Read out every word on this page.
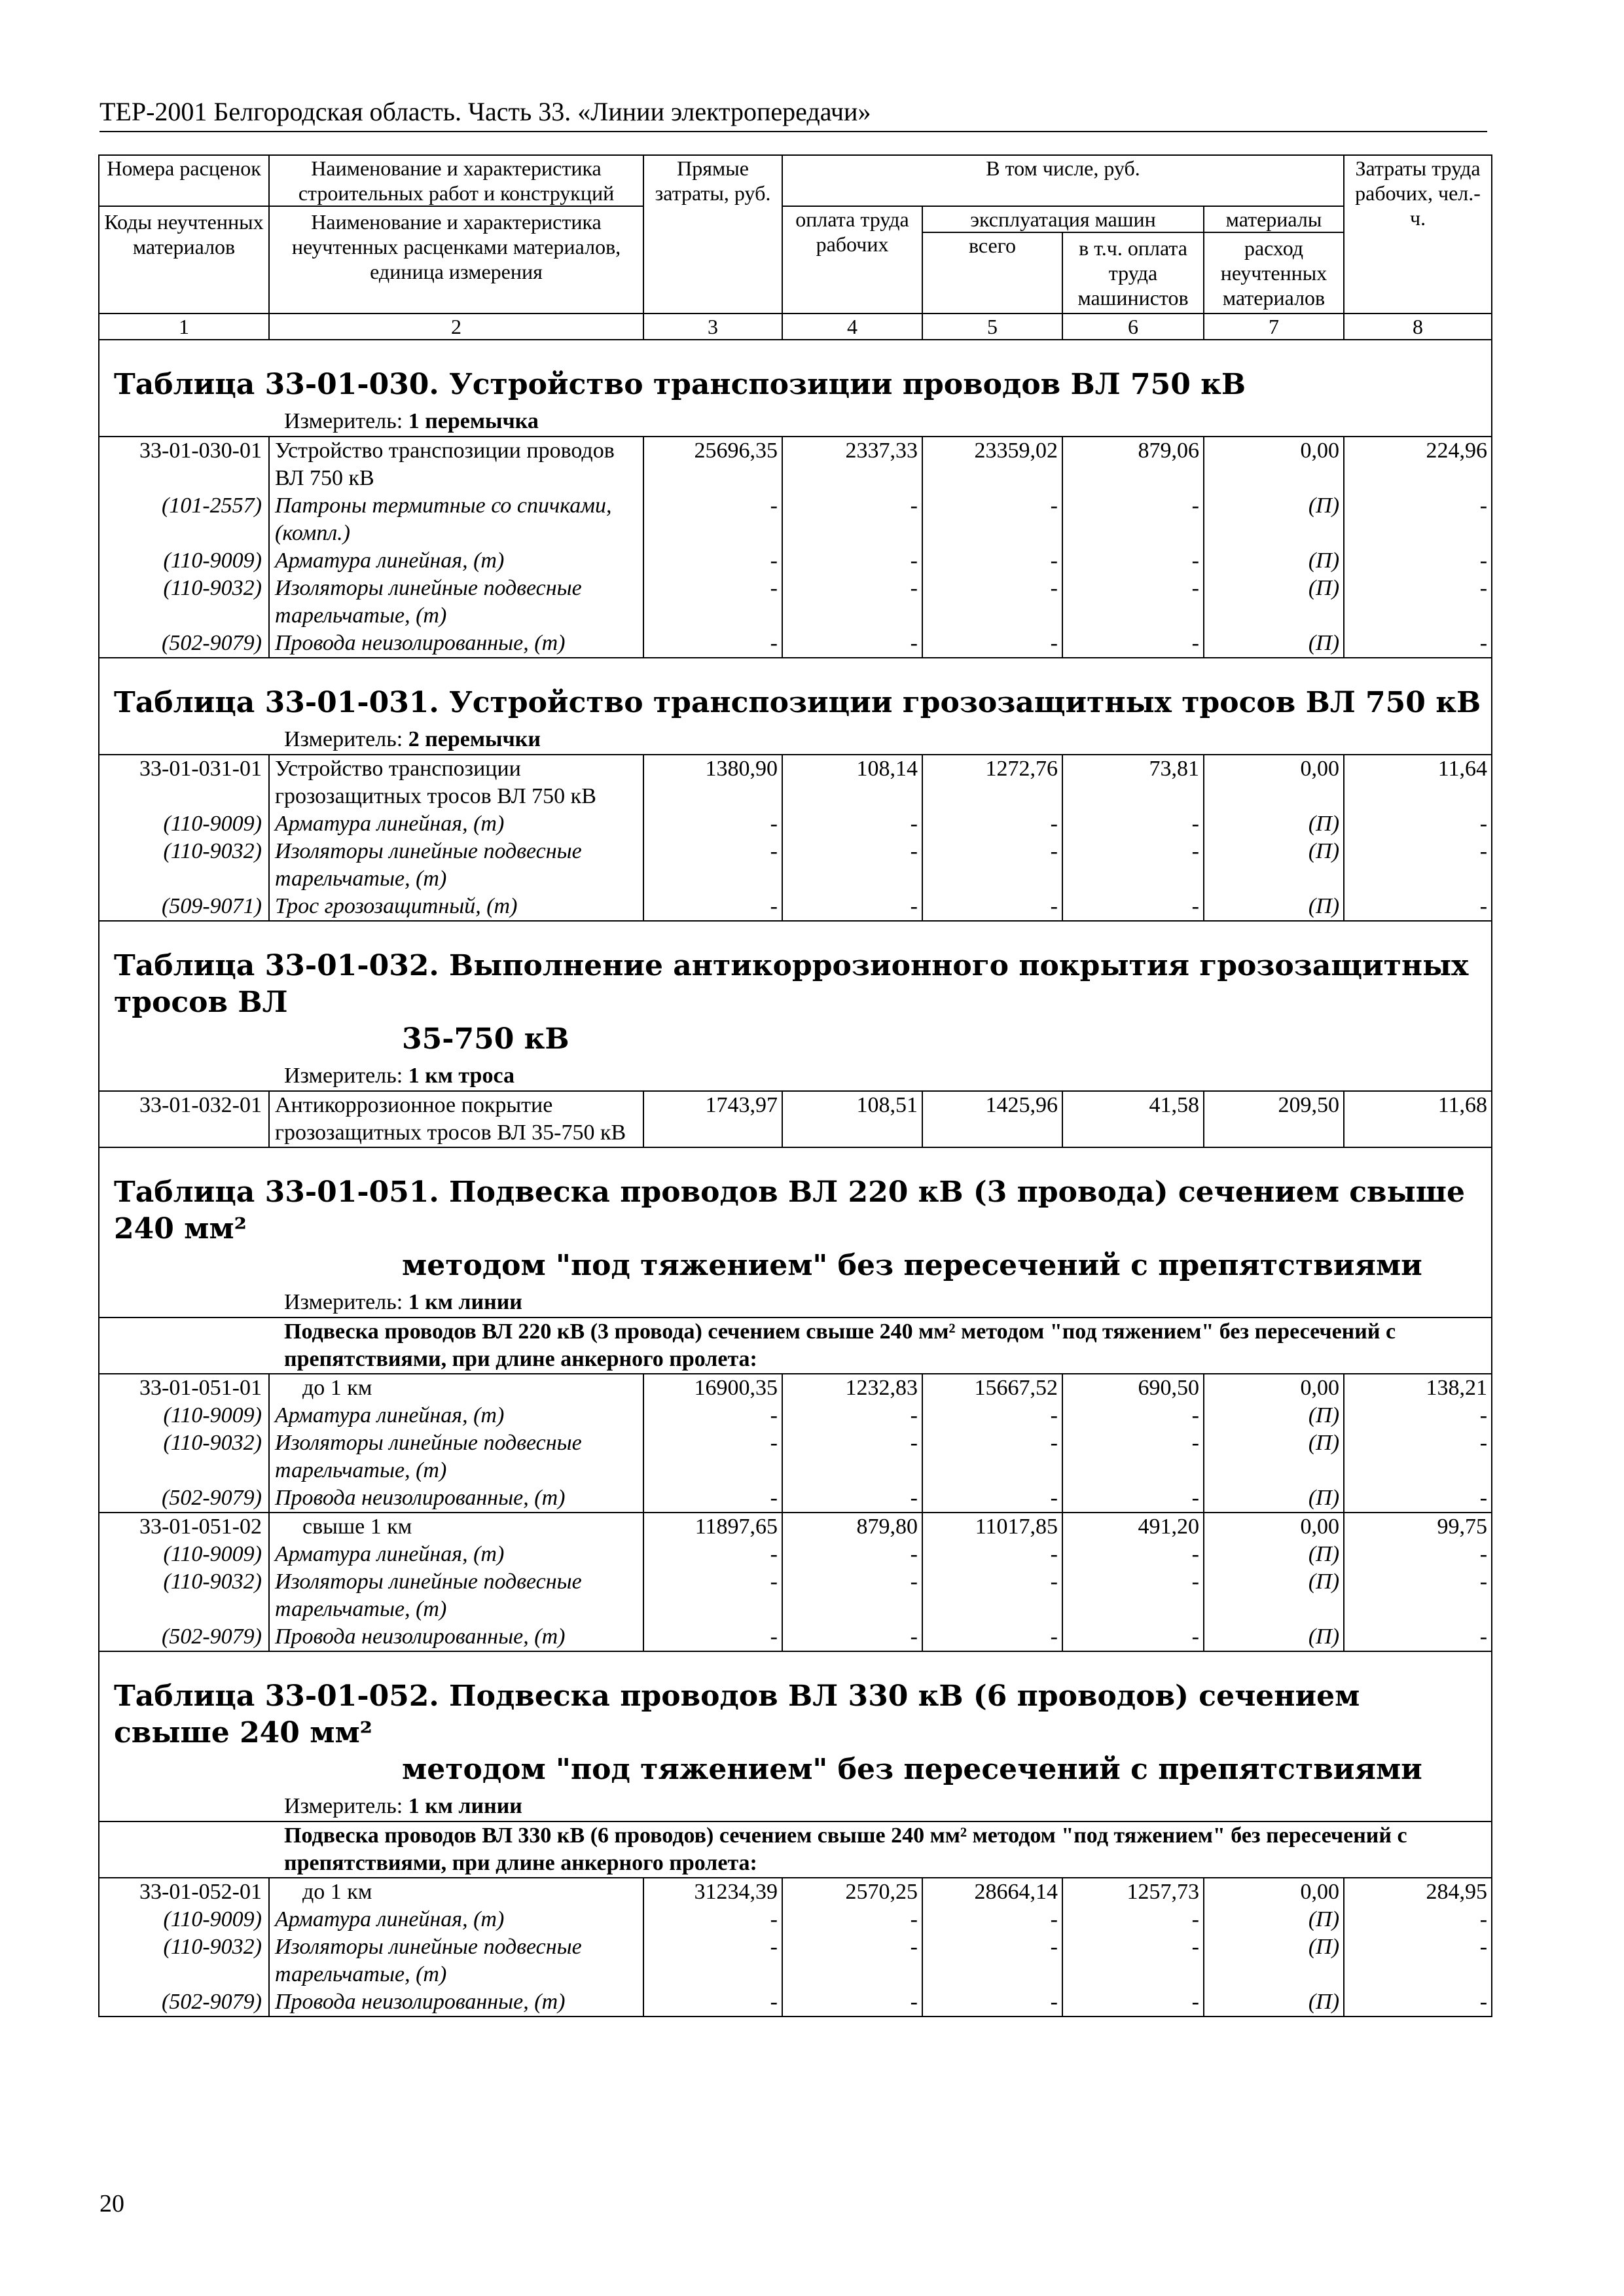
ТЕР-2001 Белгородская область. Часть 33. «Линии электропередачи»
Номера расценок	Наименование и характеристика строительных работ и конструкций	Прямые затраты, руб.	В том числе, руб.				Затраты труда рабочих, чел.-ч.
Коды неучтенных материалов	Наименование и характеристика неучтенных расценками материалов, единица измерения		оплата труда рабочих	эксплуатация машин		материалы	
				всего	в т.ч. оплата труда машинистов	расход неучтенных материалов	
1	2	3	4	5	6	7	8
Таблица 33-01-030. Устройство транспозиции проводов ВЛ 750 кВ							
Измеритель: 1 перемычка							
33-01-030-01	Устройство транспозиции проводов ВЛ 750 кВ	25696,35	2337,33	23359,02	879,06	0,00	224,96
(101-2557)	Патроны термитные со спичками, (компл.)	-	-	-	-	(П)	-
(110-9009)	Арматура линейная, (т)	-	-	-	-	(П)	-
(110-9032)	Изоляторы линейные подвесные тарельчатые, (т)	-	-	-	-	(П)	-
(502-9079)	Провода неизолированные, (т)	-	-	-	-	(П)	-
Таблица 33-01-031. Устройство транспозиции грозозащитных тросов ВЛ 750 кВ							
Измеритель: 2 перемычки							
33-01-031-01	Устройство транспозиции грозозащитных тросов ВЛ 750 кВ	1380,90	108,14	1272,76	73,81	0,00	11,64
(110-9009)	Арматура линейная, (т)	-	-	-	-	(П)	-
(110-9032)	Изоляторы линейные подвесные тарельчатые, (т)	-	-	-	-	(П)	-
(509-9071)	Трос грозозащитный, (т)	-	-	-	-	(П)	-
Таблица 33-01-032. Выполнение антикоррозионного покрытия грозозащитных тросов ВЛ
35-750 кВ							

Измеритель: 1 км троса							
33-01-032-01	Антикоррозионное покрытие грозозащитных тросов ВЛ 35-750 кВ	1743,97	108,51	1425,96	41,58	209,50	11,68
Таблица 33-01-051. Подвеска проводов ВЛ 220 кВ (3 провода) сечением свыше 240 мм²
методом "под тяжением" без пересечений с препятствиями							

Измеритель: 1 км линии							
Подвеска проводов ВЛ 220 кВ (3 провода) сечением свыше 240 мм² методом "под тяжением" без пересечений с препятствиями, при длине анкерного пролета:							
33-01-051-01	до 1 км	16900,35	1232,83	15667,52	690,50	0,00	138,21
(110-9009)	Арматура линейная, (т)	-	-	-	-	(П)	-
(110-9032)	Изоляторы линейные подвесные тарельчатые, (т)	-	-	-	-	(П)	-
(502-9079)	Провода неизолированные, (т)	-	-	-	-	(П)	-
33-01-051-02	свыше 1 км	11897,65	879,80	11017,85	491,20	0,00	99,75
(110-9009)	Арматура линейная, (т)	-	-	-	-	(П)	-
(110-9032)	Изоляторы линейные подвесные тарельчатые, (т)	-	-	-	-	(П)	-
(502-9079)	Провода неизолированные, (т)	-	-	-	-	(П)	-
Таблица 33-01-052. Подвеска проводов ВЛ 330 кВ (6 проводов) сечением свыше 240 мм²
методом "под тяжением" без пересечений с препятствиями							

Измеритель: 1 км линии							
Подвеска проводов ВЛ 330 кВ (6 проводов) сечением свыше 240 мм² методом "под тяжением" без пересечений с препятствиями, при длине анкерного пролета:							
33-01-052-01	до 1 км	31234,39	2570,25	28664,14	1257,73	0,00	284,95
(110-9009)	Арматура линейная, (т)	-	-	-	-	(П)	-
(110-9032)	Изоляторы линейные подвесные тарельчатые, (т)	-	-	-	-	(П)	-
(502-9079)	Провода неизолированные, (т)	-	-	-	-	(П)	-
20
